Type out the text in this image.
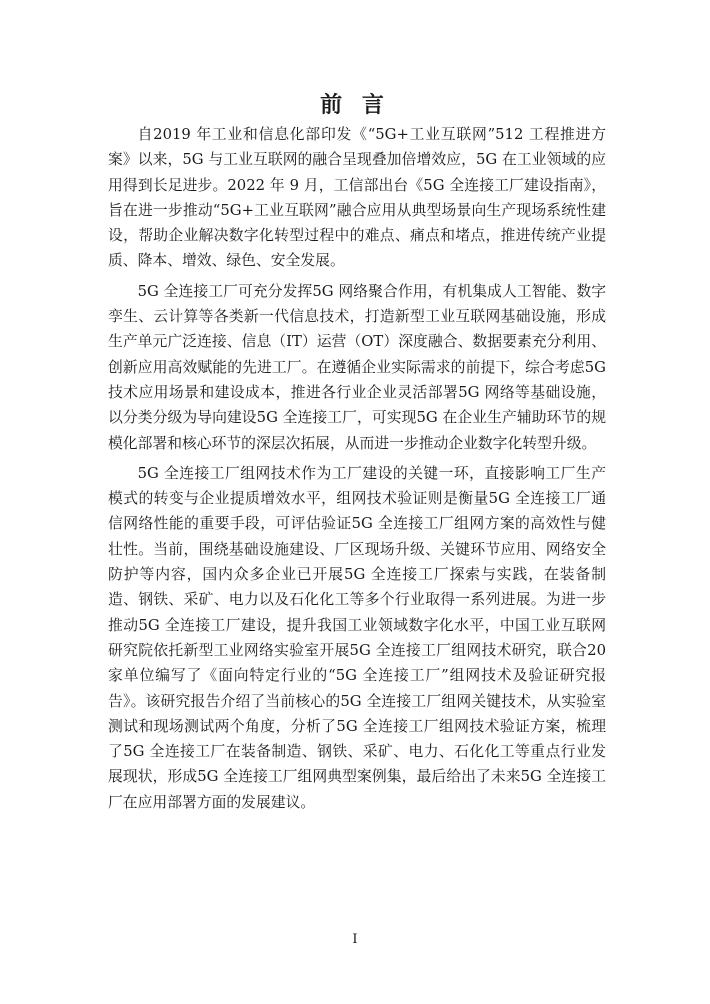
前 言

自2019 年工业和信息化部印发《“5G+工业互联网”512 工程推进方案》以来，5G 与工业互联网的融合呈现叠加倍增效应，5G 在工业领域的应用得到长足进步。2022 年 9 月，工信部出台《5G 全连接工厂建设指南》，旨在进一步推动“5G+工业互联网”融合应用从典型场景向生产现场系统性建设，帮助企业解决数字化转型过程中的难点、痛点和堵点，推进传统产业提质、降本、增效、绿色、安全发展。

5G 全连接工厂可充分发挥5G 网络聚合作用，有机集成人工智能、数字孪生、云计算等各类新一代信息技术，打造新型工业互联网基础设施，形成生产单元广泛连接、信息（IT）运营（OT）深度融合、数据要素充分利用、创新应用高效赋能的先进工厂。在遵循企业实际需求的前提下，综合考虑5G 技术应用场景和建设成本，推进各行业企业灵活部署5G 网络等基础设施，以分类分级为导向建设5G 全连接工厂，可实现5G 在企业生产辅助环节的规模化部署和核心环节的深层次拓展，从而进一步推动企业数字化转型升级。

5G 全连接工厂组网技术作为工厂建设的关键一环，直接影响工厂生产模式的转变与企业提质增效水平，组网技术验证则是衡量5G 全连接工厂通信网络性能的重要手段，可评估验证5G 全连接工厂组网方案的高效性与健壮性。当前，围绕基础设施建设、厂区现场升级、关键环节应用、网络安全防护等内容，国内众多企业已开展5G 全连接工厂探索与实践，在装备制造、钢铁、采矿、电力以及石化化工等多个行业取得一系列进展。为进一步推动5G 全连接工厂建设，提升我国工业领域数字化水平，中国工业互联网研究院依托新型工业网络实验室开展5G 全连接工厂组网技术研究，联合20家单位编写了《面向特定行业的“5G 全连接工厂”组网技术及验证研究报告》。该研究报告介绍了当前核心的5G 全连接工厂组网关键技术，从实验室测试和现场测试两个角度，分析了5G 全连接工厂组网技术验证方案，梳理了5G 全连接工厂在装备制造、钢铁、采矿、电力、石化化工等重点行业发展现状，形成5G 全连接工厂组网典型案例集，最后给出了未来5G 全连接工厂在应用部署方面的发展建议。

I
